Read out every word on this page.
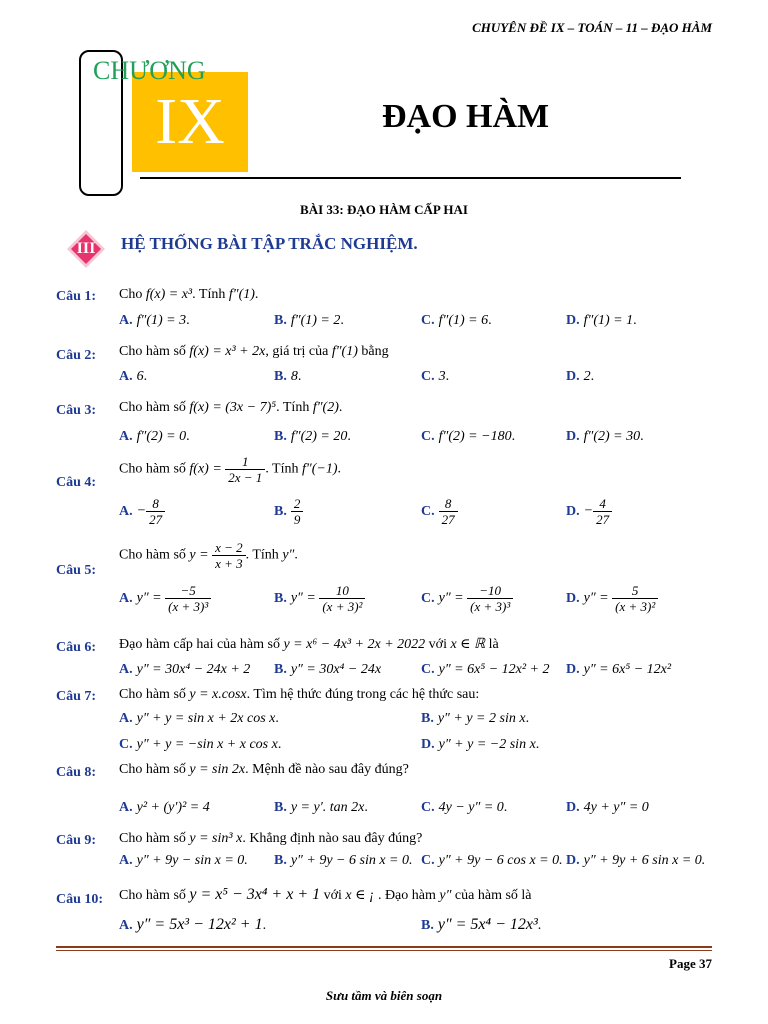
CHUYÊN ĐỀ IX – TOÁN – 11 – ĐẠO HÀM
IX
CHƯƠNG
ĐẠO HÀM
BÀI 33: ĐẠO HÀM CẤP HAI
III	HỆ THỐNG BÀI TẬP TRẮC NGHIỆM.
Câu 1: Cho f(x) = x³. Tính f″(1).
A. f″(1) = 3.	B. f″(1) = 2.	C. f″(1) = 6.	D. f″(1) = 1.
Câu 2: Cho hàm số f(x) = x³ + 2x, giá trị của f″(1) bằng
A. 6.	B. 8.	C. 3.	D. 2.
Câu 3: Cho hàm số f(x) = (3x − 7)⁵. Tính f″(2).
A. f″(2) = 0.	B. f″(2) = 20.	C. f″(2) = −180.	D. f″(2) = 30.
Câu 4:
Cho hàm số $f(x) = \frac{1}{2x - 1}$ . Tính f″(−1).
A. − $\frac{8}{27}$	B. $\frac{2}{9}$	C. $\frac{8}{27}$	D. − $\frac{4}{27}$
Câu 5:
Cho hàm số $y = \frac{x - 2}{x + 3}$ . Tính y″.
A. $y'' = \frac{-5}{\text{(x + 3)³}}$	B. $y'' = \frac{10}{\text{(x + 3)²}}$	C. $y'' = \frac{-10}{\text{(x + 3)³}}$	D. $y'' = \frac{5}{\text{(x + 3)²}}$
Câu 6: Đạo hàm cấp hai của hàm số y = x⁶ − 4x³ + 2x + 2022 với x ∈ ℝ là
A. y″ = 30x⁴ − 24x + 2 B. y″ = 30x⁴ − 24x	C. y″ = 6x⁵ − 12x² + 2 D. y″ = 6x⁵ − 12x²
Câu 7: Cho hàm số y = x.cosx. Tìm hệ thức đúng trong các hệ thức sau:
A. y″ + y = sin x + 2x cos x.	B. y″ + y = 2 sin x.
C. y″ + y = −sin x + x cos x.	D. y″ + y = −2 sin x.
Câu 8: Cho hàm số y = sin 2x. Mệnh đề nào sau đây đúng?
A. y² + (y′)² = 4	B. y = y′. tan 2x.	C. 4y − y″ = 0.	D. 4y + y″ = 0
Câu 9: Cho hàm số y = sin³ x. Khẳng định nào sau đây đúng?
A. y″ + 9y − sin x = 0. B. y″ + 9y − 6 sin x = 0. C. y″ + 9y − 6 cos x = 0. D. y″ + 9y + 6 sin x = 0.
Câu 10: Cho hàm số y = x⁵ − 3x⁴ + x + 1 với x ∈ ¡ . Đạo hàm y″ của hàm số là
A. y″ = 5x³ − 12x² + 1.	B. y″ = 5x⁴ − 12x³.
Page 37
Sưu tầm và biên soạn
